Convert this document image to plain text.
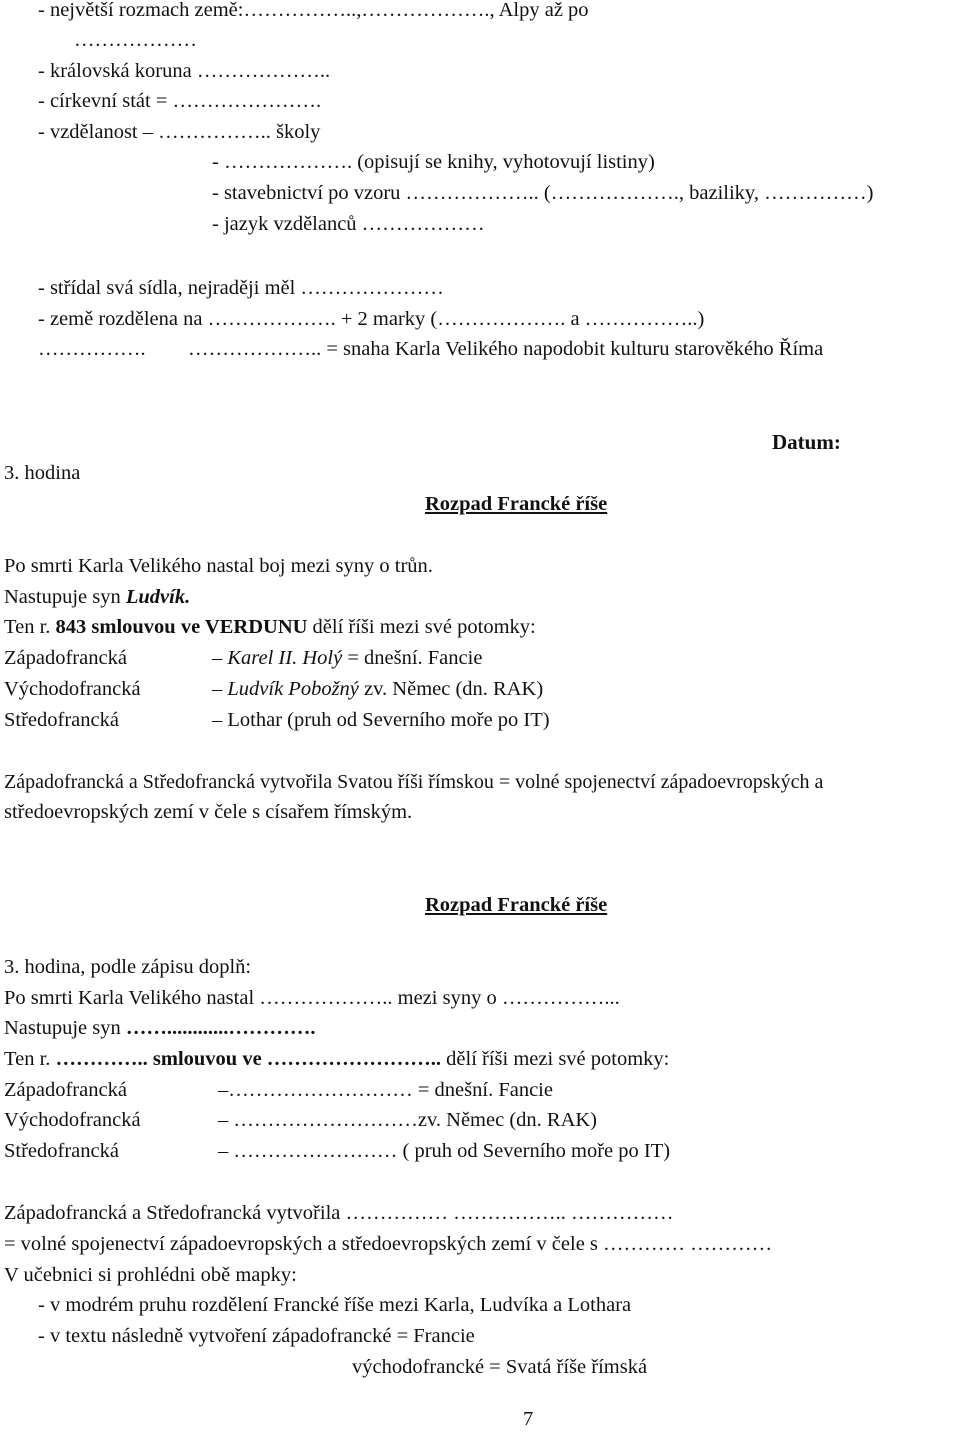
- největší rozmach země:……………..,………………., Alpy až po
………………
- královská koruna ………………..
- církevní stát = ………………….
- vzdělanost – …………….. školy
- ………………. (opisují se knihy, vyhotovují listiny)
- stavebnictví po vzoru ……………….. (………………., baziliky, ……………)
- jazyk vzdělanců ………………
- střídal svá sídla, nejraději měl …………………
- země rozdělena na ………………. + 2 marky (………………. a ……………..)
……………. ……………….. = snaha Karla Velikého napodobit kulturu starověkého Říma
Datum:
3. hodina
Rozpad Francké říše
Po smrti Karla Velikého nastal boj mezi syny o trůn.
Nastupuje syn Ludvík.
Ten r. 843 smlouvou ve VERDUNU dělí říši mezi své potomky:
Západofrancká	– Karel II. Holý = dnešní. Fancie
Východofrancká	– Ludvík Pobožný zv. Němec (dn. RAK)
Středofrancká	– Lothar (pruh od Severního moře po IT)
Západofrancká a Středofrancká vytvořila Svatou říši římskou = volné spojenectví západoevropských a
středoevropských zemí v čele s císařem římským.
Rozpad Francké říše
3. hodina, podle zápisu doplň:
Po smrti Karla Velikého nastal ……………….. mezi syny o ……………...
Nastupuje syn ……............………….
Ten r. ………….. smlouvou ve …………………….. dělí říši mezi své potomky:
Západofrancká	–……………………… = dnešní. Fancie
Východofrancká	– ………………………zv. Němec (dn. RAK)
Středofrancká	– …………………… ( pruh od Severního moře po IT)
Západofrancká a Středofrancká vytvořila …………… …………….. ……………
= volné spojenectví západoevropských a středoevropských zemí v čele s ………… …………
V učebnici si prohlédni obě mapky:
- v modrém pruhu rozdělení Francké říše mezi Karla, Ludvíka a Lothara
- v textu následně vytvoření západofrancké = Francie
východofrancké = Svatá říše římská
7
